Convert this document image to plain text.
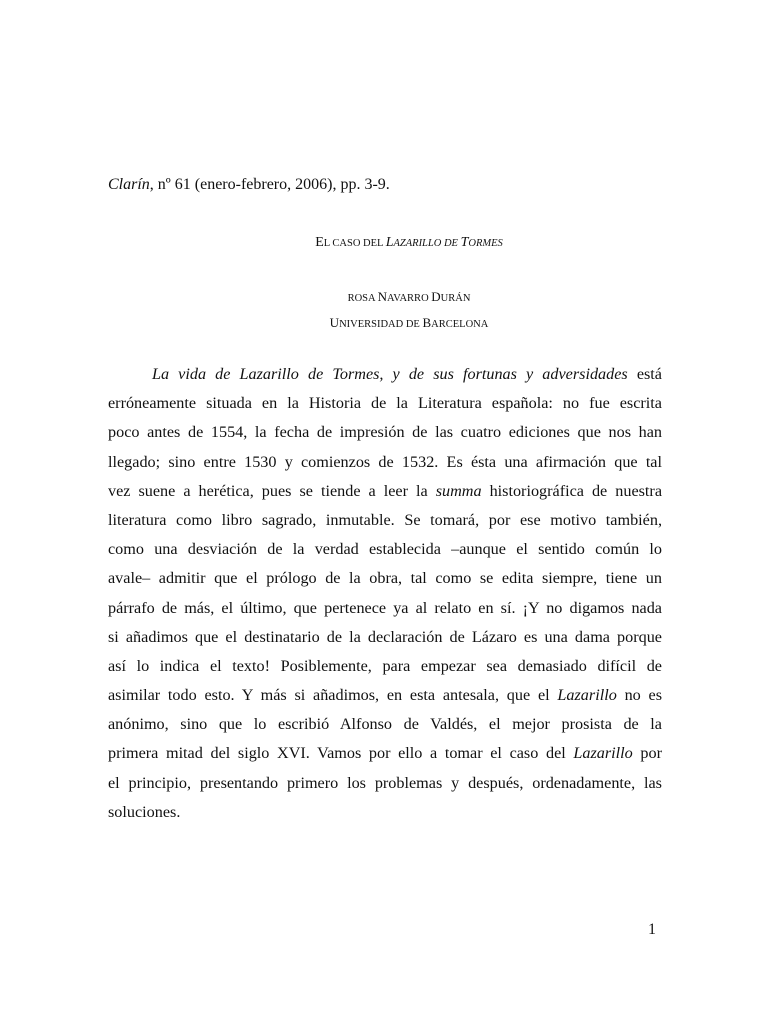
Clarín, nº 61 (enero-febrero, 2006), pp. 3-9.
EL CASO DEL LAZARILLO DE TORMES
ROSA NAVARRO DURÁN
UNIVERSIDAD DE BARCELONA
La vida de Lazarillo de Tormes, y de sus fortunas y adversidades está
erróneamente situada en la Historia de la Literatura española: no fue escrita
poco antes de 1554, la fecha de impresión de las cuatro ediciones que nos han
llegado; sino entre 1530 y comienzos de 1532. Es ésta una afirmación que tal
vez suene a herética, pues se tiende a leer la summa historiográfica de nuestra
literatura como libro sagrado, inmutable. Se tomará, por ese motivo también,
como una desviación de la verdad establecida –aunque el sentido común lo
avale– admitir que el prólogo de la obra, tal como se edita siempre, tiene un
párrafo de más, el último, que pertenece ya al relato en sí. ¡Y no digamos nada
si añadimos que el destinatario de la declaración de Lázaro es una dama porque
así lo indica el texto! Posiblemente, para empezar sea demasiado difícil de
asimilar todo esto. Y más si añadimos, en esta antesala, que el Lazarillo no es
anónimo, sino que lo escribió Alfonso de Valdés, el mejor prosista de la
primera mitad del siglo XVI. Vamos por ello a tomar el caso del Lazarillo por
el principio, presentando primero los problemas y después, ordenadamente, las
soluciones.
1
